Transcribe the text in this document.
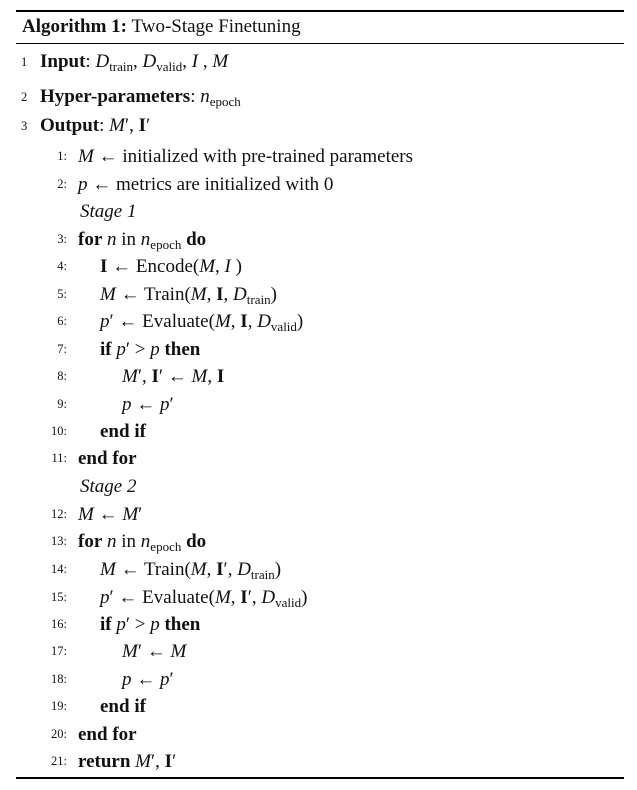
Algorithm 1: Two-Stage Finetuning
1 Input: $D_{train}$, $D_{valid}$, I , M
2 Hyper-parameters: $n_{epoch}$
3 Output: M′, I′
1: M ← initialized with pre-trained parameters
2: p ← metrics are initialized with 0
Stage 1
3: for n in $n_{epoch}$ do
4: I ← Encode(M, I )
5: M ← Train(M, I, $D_{train}$)
6: p′ ← Evaluate(M, I, $D_{valid}$)
7: if p′ > p then
8:	M′, I′ ← M, I
9:	p ← p′
10: end if
11: end for
Stage 2
12: M ← M′
13: for n in $n_{epoch}$ do
14: M ← Train(M, I′, $D_{train}$)
15: p′ ← Evaluate(M, I′, $D_{valid}$)
16: if p′ > p then
17:	M′ ← M
18:	p ← p′
19: end if
20: end for
21: return M′, I′
